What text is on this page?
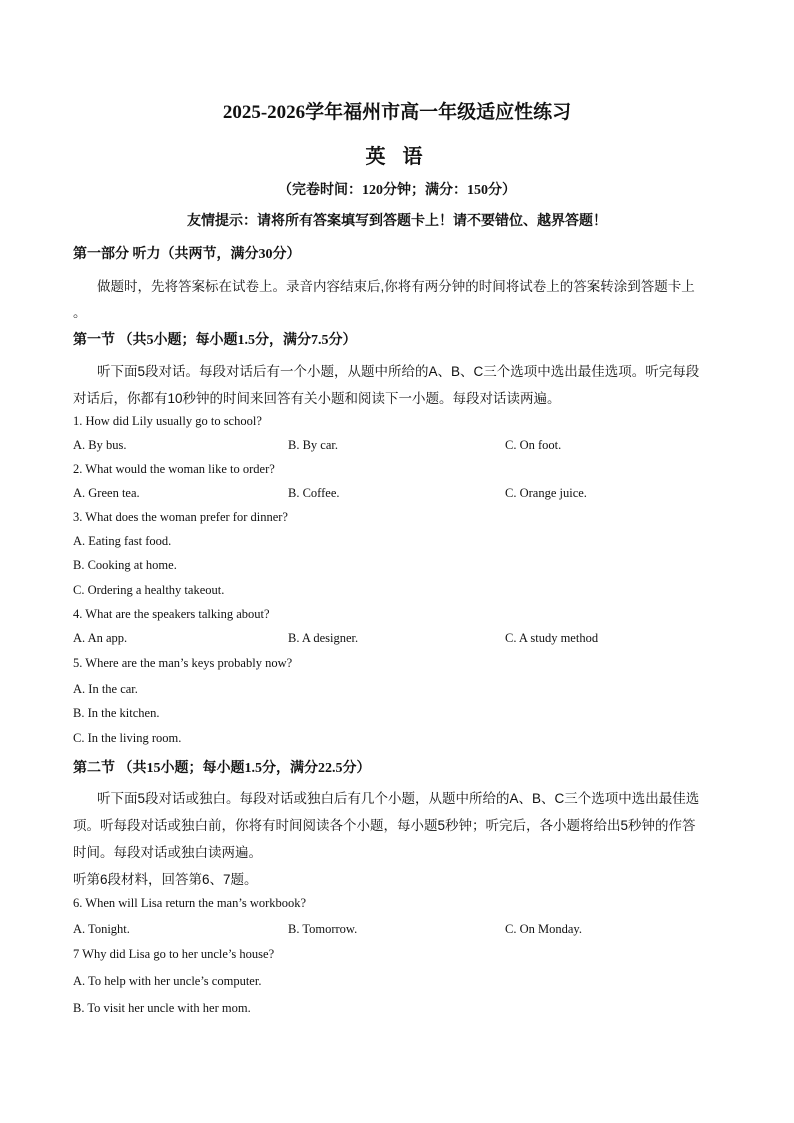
2025-2026学年福州市高一年级适应性练习
英 语
（完卷时间：120分钟；满分：150分）
友情提示：请将所有答案填写到答题卡上！请不要错位、越界答题！
第一部分 听力（共两节，满分30分）
做题时，先将答案标在试卷上。录音内容结束后,你将有两分钟的时间将试卷上的答案转涂到答题卡上
。
第一节 （共5小题；每小题1.5分，满分7.5分）
听下面5段对话。每段对话后有一个小题，从题中所给的A、B、C三个选项中选出最佳选项。听完每段
对话后，你都有10秒钟的时间来回答有关小题和阅读下一小题。每段对话读两遍。
1. How did Lily usually go to school?
A. By bus.	B. By car.	C. On foot.
2. What would the woman like to order?
A. Green tea.	B. Coffee.	C. Orange juice.
3. What does the woman prefer for dinner?
A. Eating fast food.
B. Cooking at home.
C. Ordering a healthy takeout.
4. What are the speakers talking about?
A. An app.	B. A designer.	C. A study method
5. Where are the man’s keys probably now?
A. In the car.
B. In the kitchen.
C. In the living room.
第二节 （共15小题；每小题1.5分，满分22.5分）
听下面5段对话或独白。每段对话或独白后有几个小题，从题中所给的A、B、C三个选项中选出最佳选
项。听每段对话或独白前，你将有时间阅读各个小题，每小题5秒钟；听完后，各小题将给出5秒钟的作答
时间。每段对话或独白读两遍。
听第6段材料，回答第6、7题。
6. When will Lisa return the man’s workbook?
A. Tonight.	B. Tomorrow.	C. On Monday.
7 Why did Lisa go to her uncle’s house?
A. To help with her uncle’s computer.
B. To visit her uncle with her mom.
